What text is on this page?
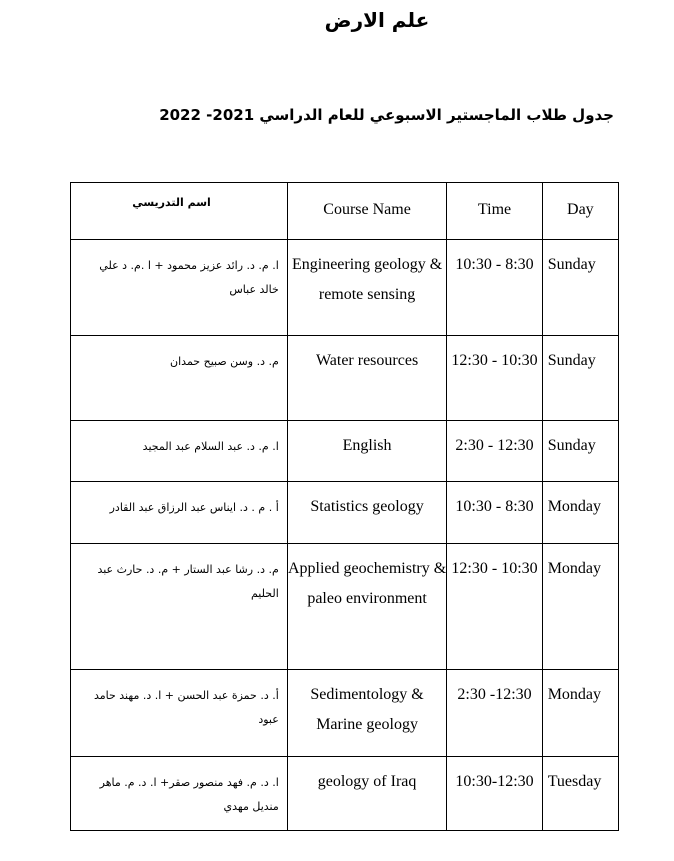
علم الارض
جدول طلاب الماجستير الاسبوعي للعام الدراسي 2021- 2022
اسم التدريسي	Course Name	Time	Day

ا. م. د. رائد عزيز محمود + ا .م. د علي خالد عباس	Engineering geology & remote sensing	10:30 - 8:30	Sunday

م. د. وسن صبيح حمدان	Water resources	12:30 - 10:30	Sunday

ا. م. د. عبد السلام عبد المجيد	English	2:30 - 12:30	Sunday

أ . م . د. ايناس عبد الرزاق عبد القادر	Statistics geology	10:30 - 8:30	Monday

م. د. رشا عبد الستار + م. د. حارث عبد الحليم	Applied geochemistry & paleo environment	12:30 - 10:30	Monday

أ. د. حمزة عبد الحسن + ا. د. مهند حامد عبود	Sedimentology & Marine geology	2:30 -12:30	Monday

ا. د. م. فهد منصور صقر+ ا. د. م. ماهر منديل مهدي	geology of Iraq	10:30-12:30	Tuesday
